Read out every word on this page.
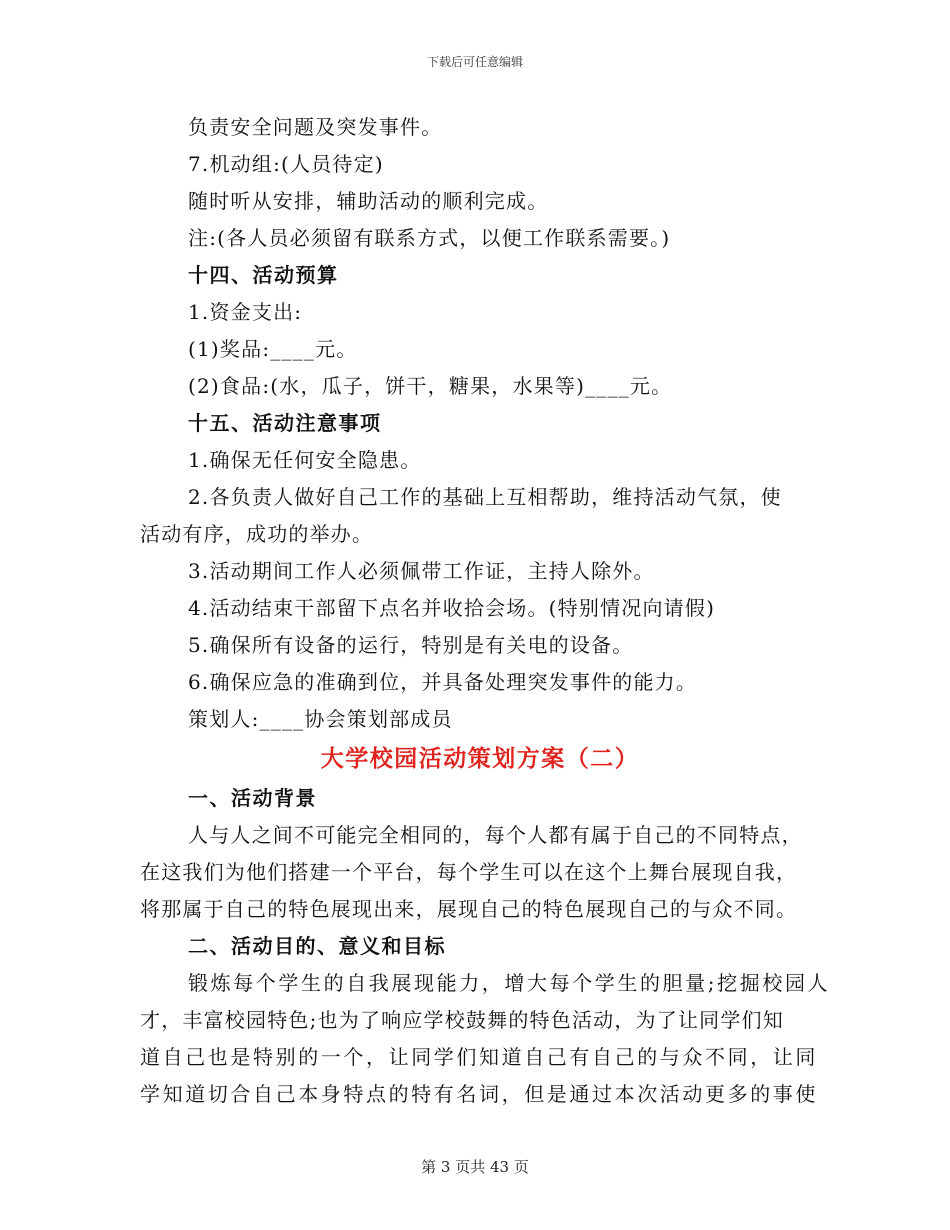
下载后可任意编辑
负责安全问题及突发事件。
7.机动组:(人员待定)
随时听从安排，辅助活动的顺利完成。
注:(各人员必须留有联系方式，以便工作联系需要。)
十四、活动预算
1.资金支出:
(1)奖品:____元。
(2)食品:(水，瓜子，饼干，糖果，水果等)____元。
十五、活动注意事项
1.确保无任何安全隐患。
2.各负责人做好自己工作的基础上互相帮助，维持活动气氛，使
活动有序，成功的举办。
3.活动期间工作人必须佩带工作证，主持人除外。
4.活动结束干部留下点名并收拾会场。(特别情况向请假)
5.确保所有设备的运行，特别是有关电的设备。
6.确保应急的准确到位，并具备处理突发事件的能力。
策划人:____协会策划部成员
大学校园活动策划方案（二）
一、活动背景
人与人之间不可能完全相同的，每个人都有属于自己的不同特点，
在这我们为他们搭建一个平台，每个学生可以在这个上舞台展现自我，
将那属于自己的特色展现出来，展现自己的特色展现自己的与众不同。
二、活动目的、意义和目标
锻炼每个学生的自我展现能力，增大每个学生的胆量;挖掘校园人
才，丰富校园特色;也为了响应学校鼓舞的特色活动，为了让同学们知
道自己也是特别的一个，让同学们知道自己有自己的与众不同，让同
学知道切合自己本身特点的特有名词，但是通过本次活动更多的事使
第 3 页共 43 页
